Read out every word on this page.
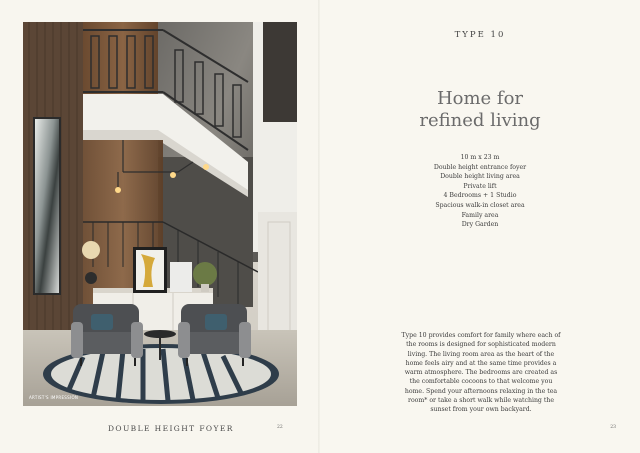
ARTIST'S IMPRESSION
DOUBLE HEIGHT FOYER	22
TYPE 10
Home for
refined living
10 m x 23 m
Double height entrance foyer
Double height living area
Private lift
4 Bedrooms + 1 Studio
Spacious walk-in closet area
Family area
Dry Garden

Type 10 provides comfort for family where each of the rooms is designed for sophisticated modern living. The living room area as the heart of the home feels airy and at the same time provides a warm atmosphere. The bedrooms are created as the comfortable cocoons to that welcome you home. Spend your afternoons relaxing in the tea room* or take a short walk while watching the sunset from your own backyard.

23
